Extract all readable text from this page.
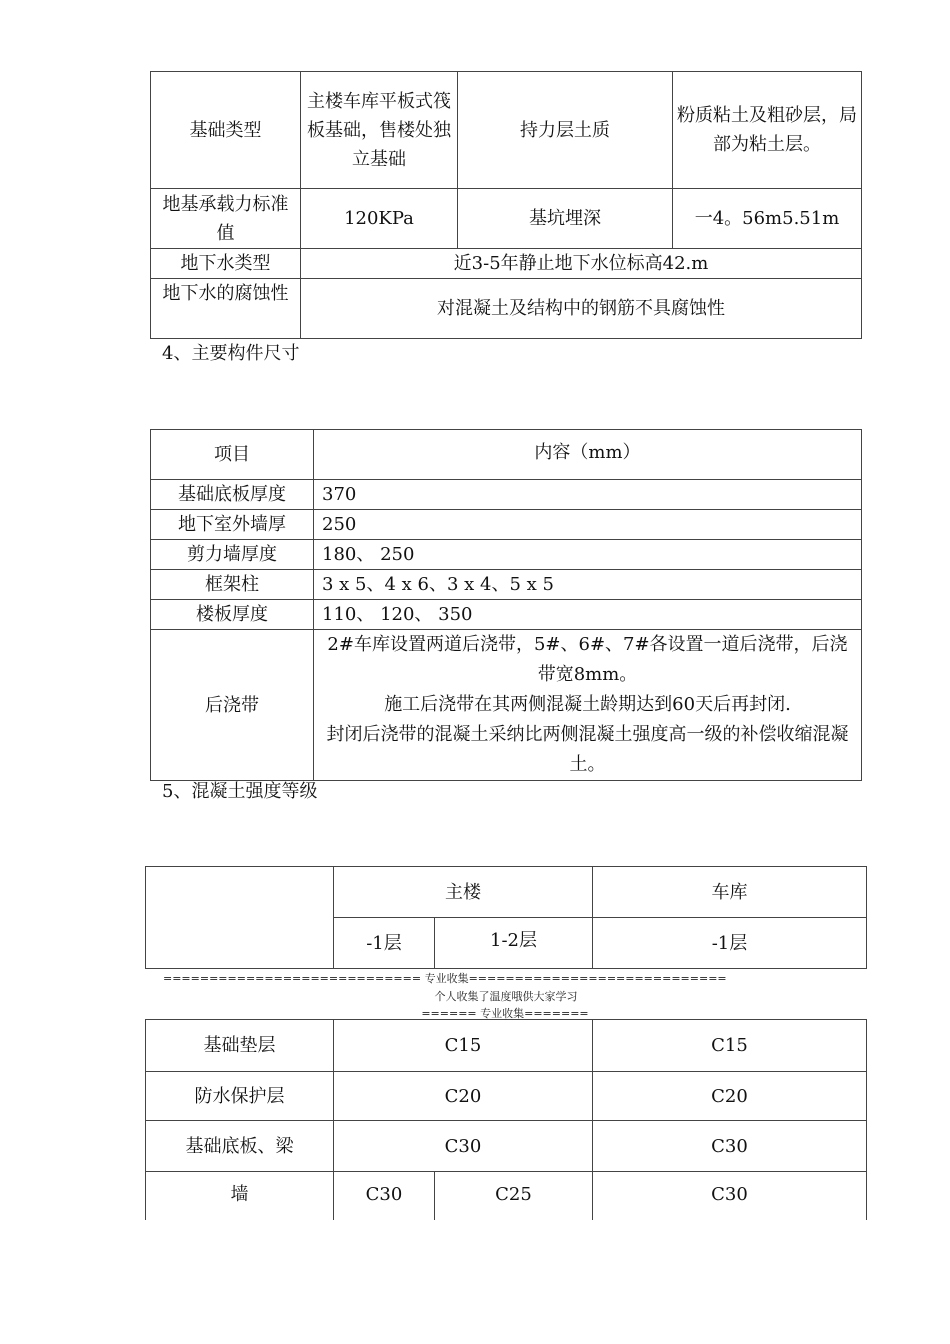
基础类型	主楼车库平板式筏板基础，售楼处独立基础	持力层土质	粉质粘土及粗砂层，局部为粘土层。
地基承载力标准值	120KPa	基坑埋深	一4。56m5.51m
地下水类型	近3-5年静止地下水位标高42.m		
地下水的腐蚀性	对混凝土及结构中的钢筋不具腐蚀性		
4、主要构件尺寸
项目	内容（mm）
基础底板厚度	370
地下室外墙厚	250
剪力墙厚度	180、 250
框架柱	3 x 5、4 x 6、3 x 4、5 x 5
楼板厚度	110、 120、 350
后浇带	2#车库设置两道后浇带，5#、6#、7#各设置一道后浇带，后浇带宽8mm。
施工后浇带在其两侧混凝土龄期达到60天后再封闭.
封闭后浇带的混凝土采纳比两侧混凝土强度高一级的补偿收缩混凝土。
5、混凝土强度等级
	主楼		车库
	-1层	1-2层	-1层
============================ 专业收集============================
个人收集了温度哦供大家学习
====== 专业收集=======
基础垫层	C15		C15
防水保护层	C20		C20
基础底板、梁	C30		C30
墙	C30	C25	C30
